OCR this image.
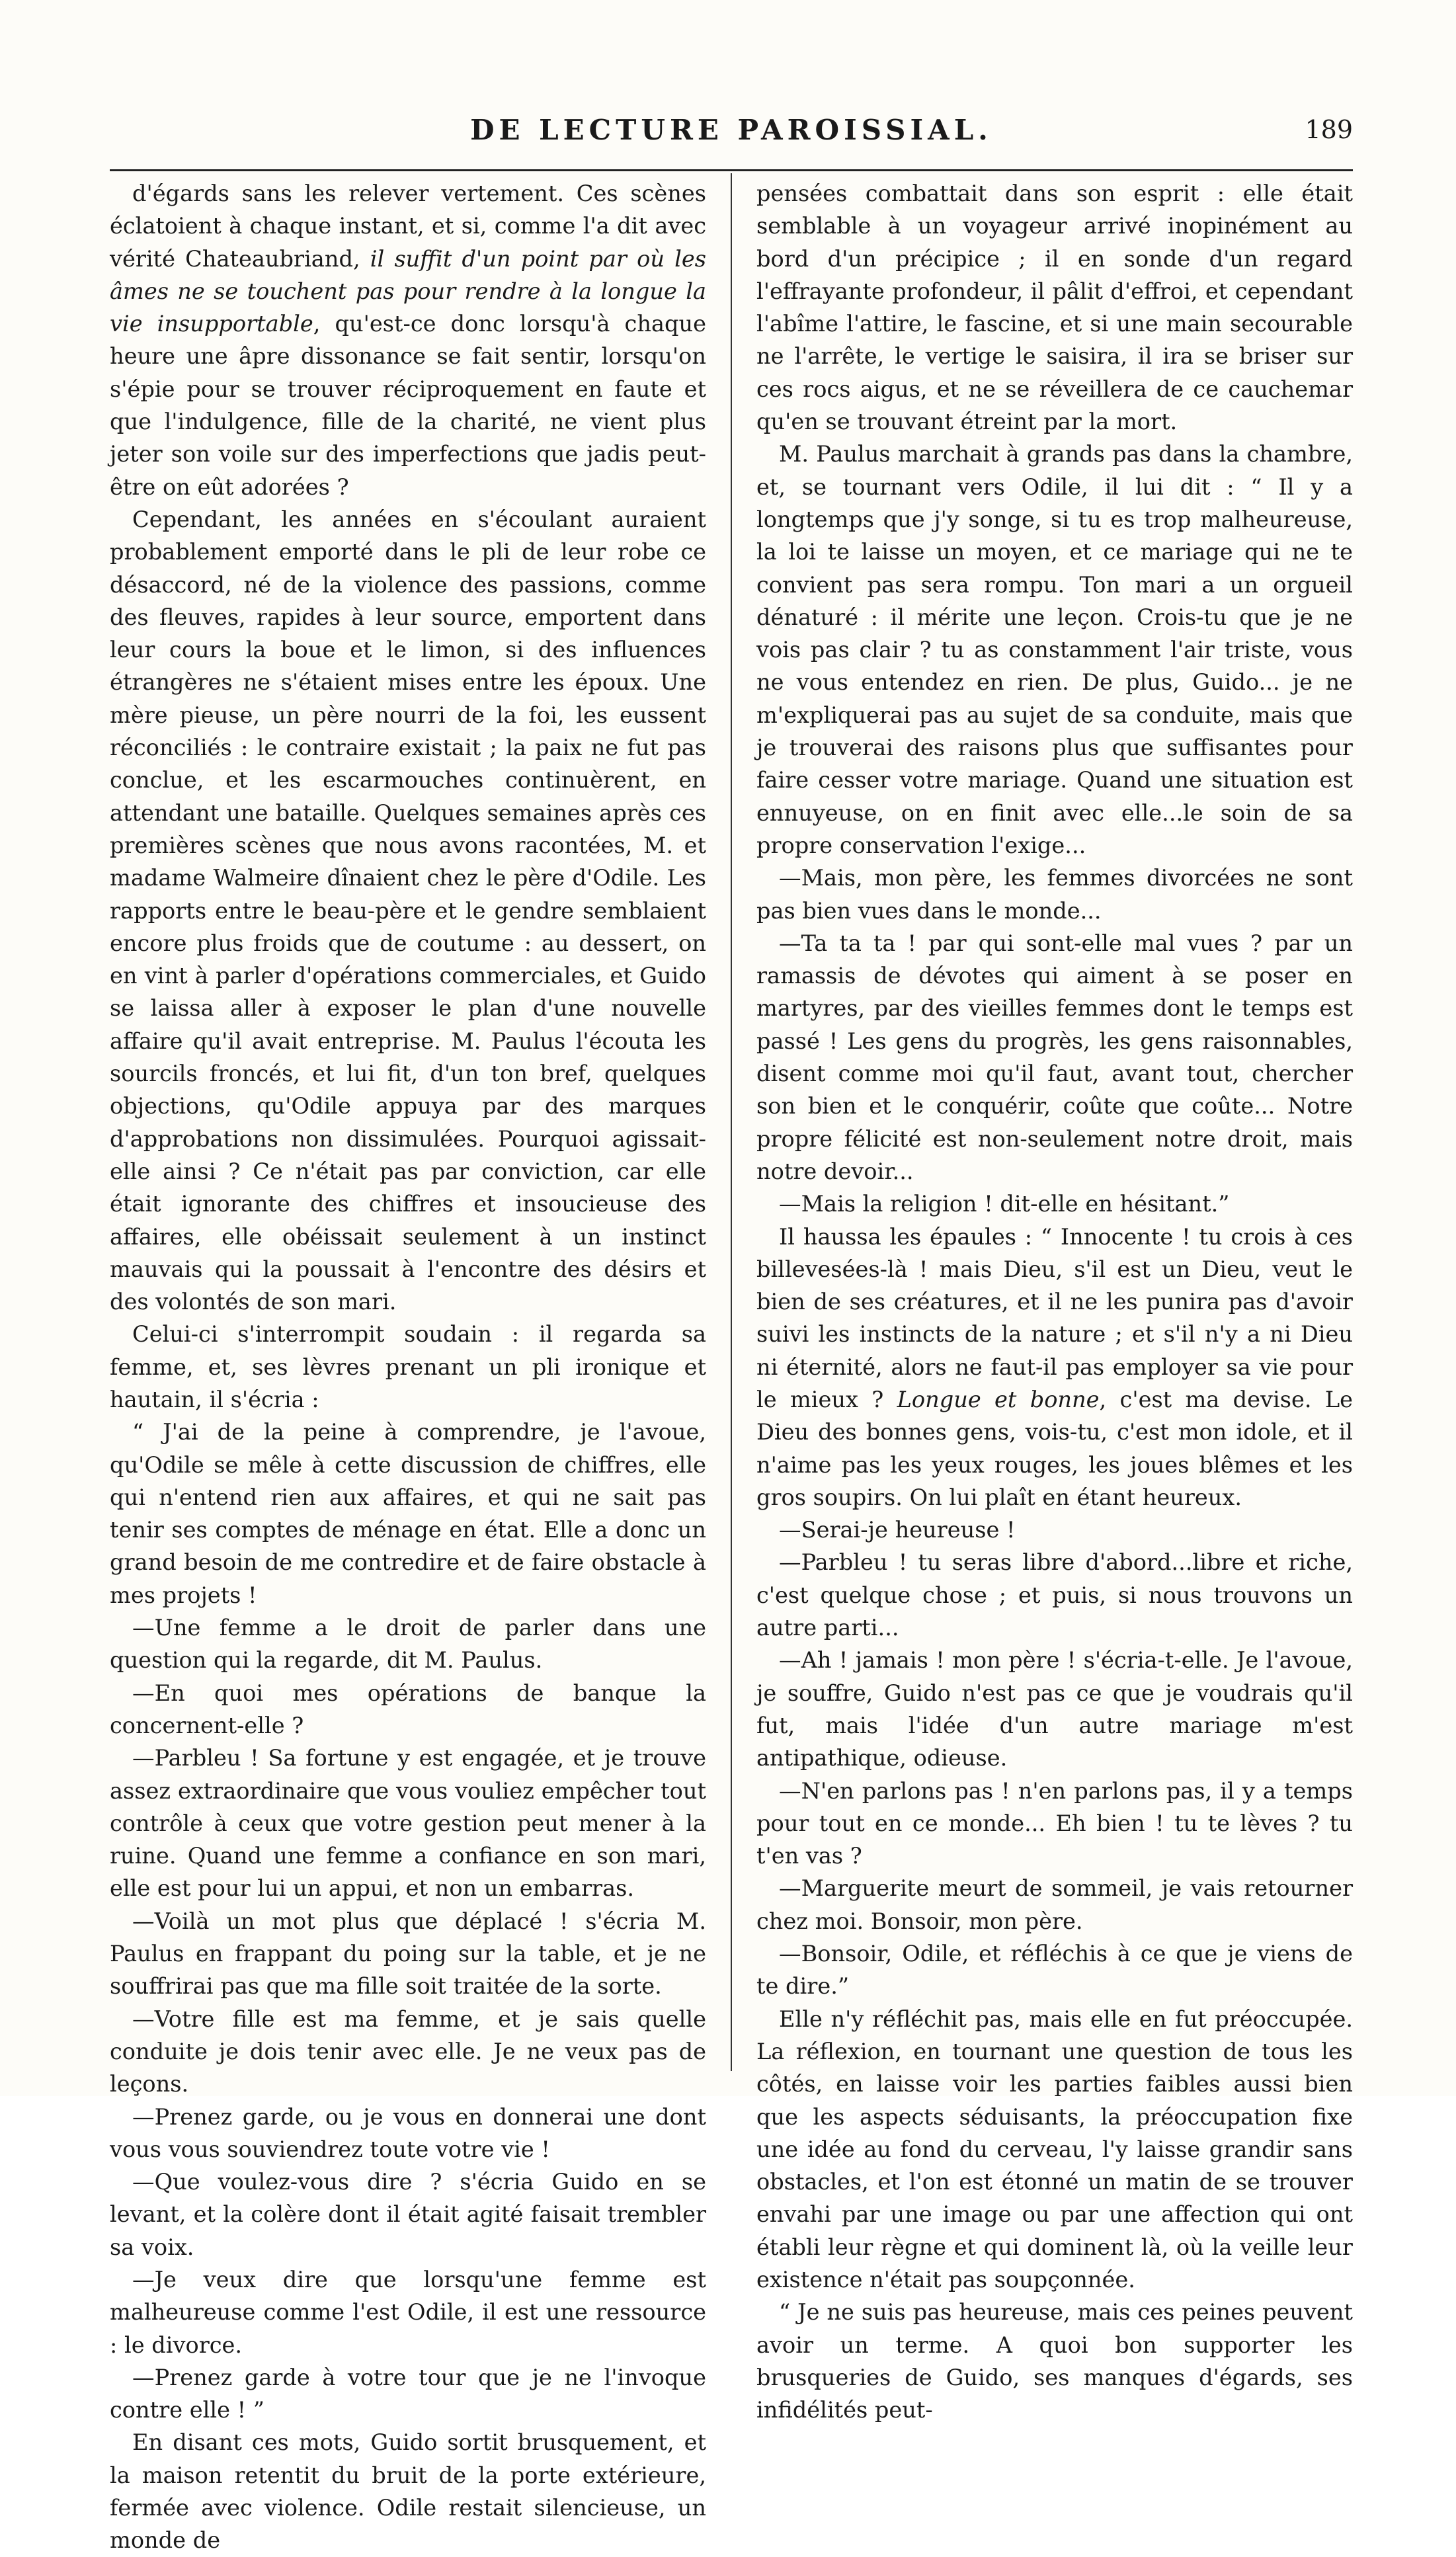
DE LECTURE PAROISSIAL.	189

d'égards sans les relever vertement. Ces scènes éclatoient à chaque instant, et si, comme l'a dit avec vérité Chateaubriand, il suffit d'un point par où les âmes ne se touchent pas pour rendre à la longue la vie insupportable, qu'est-ce donc lorsqu'à chaque heure une âpre dissonance se fait sentir, lorsqu'on s'épie pour se trouver réciproquement en faute et que l'indulgence, fille de la charité, ne vient plus jeter son voile sur des imperfections que jadis peut-être on eût adorées ?

Cependant, les années en s'écoulant auraient probablement emporté dans le pli de leur robe ce désaccord, né de la violence des passions, comme des fleuves, rapides à leur source, emportent dans leur cours la boue et le limon, si des influences étrangères ne s'étaient mises entre les époux. Une mère pieuse, un père nourri de la foi, les eussent réconciliés : le contraire existait ; la paix ne fut pas conclue, et les escarmouches continuèrent, en attendant une bataille. Quelques semaines après ces premières scènes que nous avons racontées, M. et madame Walmeire dînaient chez le père d'Odile. Les rapports entre le beau-père et le gendre semblaient encore plus froids que de coutume : au dessert, on en vint à parler d'opérations commerciales, et Guido se laissa aller à exposer le plan d'une nouvelle affaire qu'il avait entreprise. M. Paulus l'écouta les sourcils froncés, et lui fit, d'un ton bref, quelques objections, qu'Odile appuya par des marques d'approbations non dissimulées. Pourquoi agissait-elle ainsi ? Ce n'était pas par conviction, car elle était ignorante des chiffres et insoucieuse des affaires, elle obéissait seulement à un instinct mauvais qui la poussait à l'encontre des désirs et des volontés de son mari.

Celui-ci s'interrompit soudain : il regarda sa femme, et, ses lèvres prenant un pli ironique et hautain, il s'écria :

“ J'ai de la peine à comprendre, je l'avoue, qu'Odile se mêle à cette discussion de chiffres, elle qui n'entend rien aux affaires, et qui ne sait pas tenir ses comptes de ménage en état. Elle a donc un grand besoin de me contredire et de faire obstacle à mes projets !

—Une femme a le droit de parler dans une question qui la regarde, dit M. Paulus.

—En quoi mes opérations de banque la concernent-elle ?

—Parbleu ! Sa fortune y est engagée, et je trouve assez extraordinaire que vous vouliez empêcher tout contrôle à ceux que votre gestion peut mener à la ruine. Quand une femme a confiance en son mari, elle est pour lui un appui, et non un embarras.

—Voilà un mot plus que déplacé ! s'écria M. Paulus en frappant du poing sur la table, et je ne souffrirai pas que ma fille soit traitée de la sorte.

—Votre fille est ma femme, et je sais quelle conduite je dois tenir avec elle. Je ne veux pas de leçons.

—Prenez garde, ou je vous en donnerai une dont vous vous souviendrez toute votre vie !

—Que voulez-vous dire ? s'écria Guido en se levant, et la colère dont il était agité faisait trembler sa voix.

—Je veux dire que lorsqu'une femme est malheureuse comme l'est Odile, il est une ressource : le divorce.

—Prenez garde à votre tour que je ne l'invoque contre elle ! ”

En disant ces mots, Guido sortit brusquement, et la maison retentit du bruit de la porte extérieure, fermée avec violence. Odile restait silencieuse, un monde de

pensées combattait dans son esprit : elle était semblable à un voyageur arrivé inopinément au bord d'un précipice ; il en sonde d'un regard l'effrayante profondeur, il pâlit d'effroi, et cependant l'abîme l'attire, le fascine, et si une main secourable ne l'arrête, le vertige le saisira, il ira se briser sur ces rocs aigus, et ne se réveillera de ce cauchemar qu'en se trouvant étreint par la mort.

M. Paulus marchait à grands pas dans la chambre, et, se tournant vers Odile, il lui dit : “ Il y a longtemps que j'y songe, si tu es trop malheureuse, la loi te laisse un moyen, et ce mariage qui ne te convient pas sera rompu. Ton mari a un orgueil dénaturé : il mérite une leçon. Crois-tu que je ne vois pas clair ? tu as constamment l'air triste, vous ne vous entendez en rien. De plus, Guido... je ne m'expliquerai pas au sujet de sa conduite, mais que je trouverai des raisons plus que suffisantes pour faire cesser votre mariage. Quand une situation est ennuyeuse, on en finit avec elle...le soin de sa propre conservation l'exige...

—Mais, mon père, les femmes divorcées ne sont pas bien vues dans le monde...

—Ta ta ta ! par qui sont-elle mal vues ? par un ramassis de dévotes qui aiment à se poser en martyres, par des vieilles femmes dont le temps est passé ! Les gens du progrès, les gens raisonnables, disent comme moi qu'il faut, avant tout, chercher son bien et le conquérir, coûte que coûte... Notre propre félicité est non-seulement notre droit, mais notre devoir...

—Mais la religion ! dit-elle en hésitant.”

Il haussa les épaules : “ Innocente ! tu crois à ces billevesées-là ! mais Dieu, s'il est un Dieu, veut le bien de ses créatures, et il ne les punira pas d'avoir suivi les instincts de la nature ; et s'il n'y a ni Dieu ni éternité, alors ne faut-il pas employer sa vie pour le mieux ? Longue et bonne, c'est ma devise. Le Dieu des bonnes gens, vois-tu, c'est mon idole, et il n'aime pas les yeux rouges, les joues blêmes et les gros soupirs. On lui plaît en étant heureux.

—Serai-je heureuse !

—Parbleu ! tu seras libre d'abord...libre et riche, c'est quelque chose ; et puis, si nous trouvons un autre parti...

—Ah ! jamais ! mon père ! s'écria-t-elle. Je l'avoue, je souffre, Guido n'est pas ce que je voudrais qu'il fut, mais l'idée d'un autre mariage m'est antipathique, odieuse.

—N'en parlons pas ! n'en parlons pas, il y a temps pour tout en ce monde... Eh bien ! tu te lèves ? tu t'en vas ?

—Marguerite meurt de sommeil, je vais retourner chez moi. Bonsoir, mon père.

—Bonsoir, Odile, et réfléchis à ce que je viens de te dire.”

Elle n'y réfléchit pas, mais elle en fut préoccupée. La réflexion, en tournant une question de tous les côtés, en laisse voir les parties faibles aussi bien que les aspects séduisants, la préoccupation fixe une idée au fond du cerveau, l'y laisse grandir sans obstacles, et l'on est étonné un matin de se trouver envahi par une image ou par une affection qui ont établi leur règne et qui dominent là, où la veille leur existence n'était pas soupçonnée.

“ Je ne suis pas heureuse, mais ces peines peuvent avoir un terme. A quoi bon supporter les brusqueries de Guido, ses manques d'égards, ses infidélités peut-
